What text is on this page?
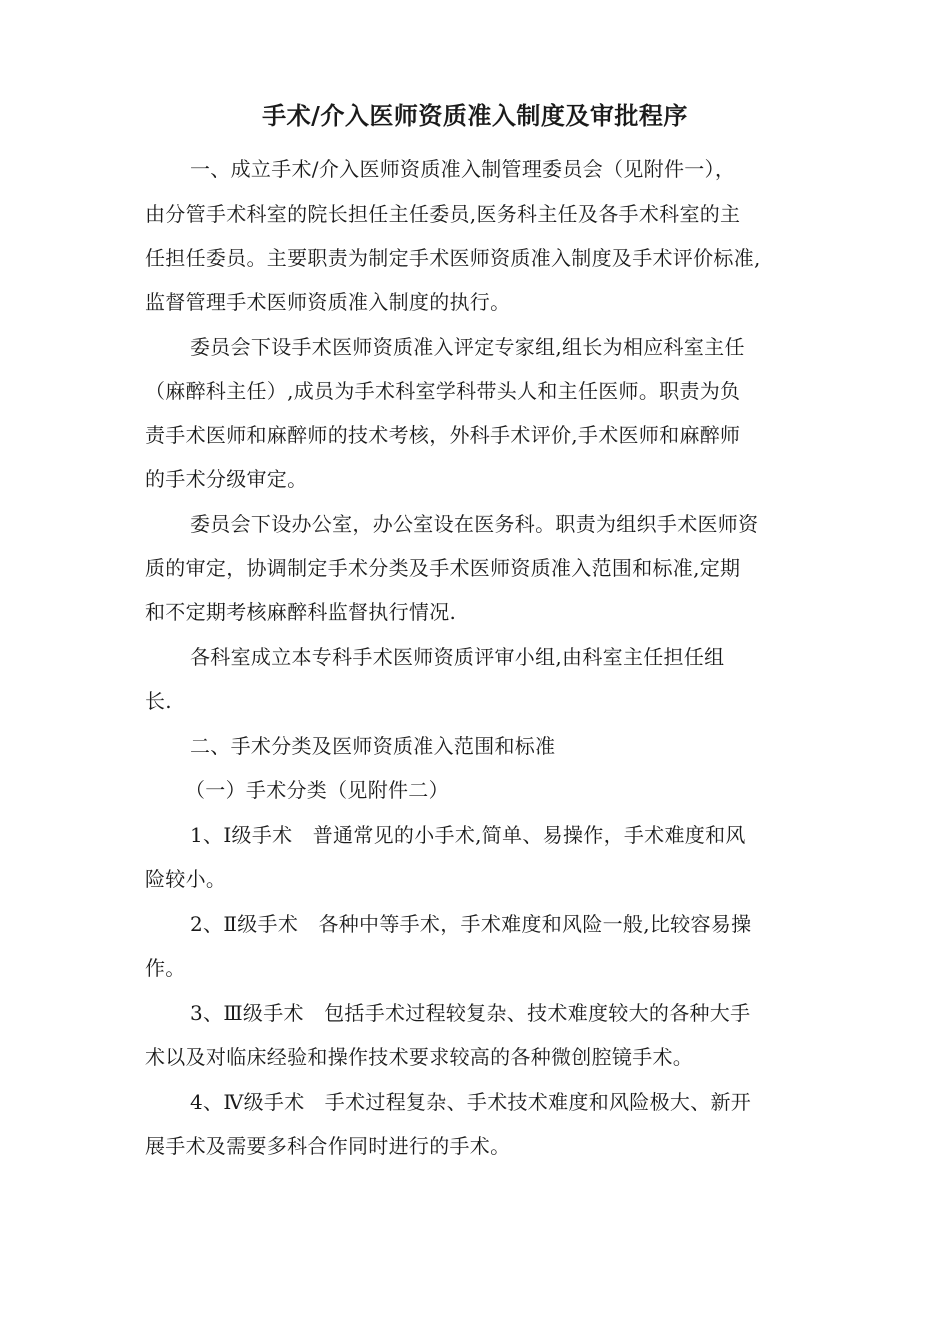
手术/介入医师资质准入制度及审批程序
一、成立手术/介入医师资质准入制管理委员会（见附件一），
由分管手术科室的院长担任主任委员,医务科主任及各手术科室的主
任担任委员。主要职责为制定手术医师资质准入制度及手术评价标准,
监督管理手术医师资质准入制度的执行。
委员会下设手术医师资质准入评定专家组,组长为相应科室主任
（麻醉科主任）,成员为手术科室学科带头人和主任医师。职责为负
责手术医师和麻醉师的技术考核，外科手术评价,手术医师和麻醉师
的手术分级审定。
委员会下设办公室，办公室设在医务科。职责为组织手术医师资
质的审定，协调制定手术分类及手术医师资质准入范围和标准,定期
和不定期考核麻醉科监督执行情况.
各科室成立本专科手术医师资质评审小组,由科室主任担任组
长.
二、手术分类及医师资质准入范围和标准
（一）手术分类（见附件二）
1、Ⅰ级手术　普通常见的小手术,简单、易操作，手术难度和风
险较小。
2、Ⅱ级手术　各种中等手术，手术难度和风险一般,比较容易操
作。
3、Ⅲ级手术　包括手术过程较复杂、技术难度较大的各种大手
术以及对临床经验和操作技术要求较高的各种微创腔镜手术。
4、Ⅳ级手术　手术过程复杂、手术技术难度和风险极大、新开
展手术及需要多科合作同时进行的手术。
